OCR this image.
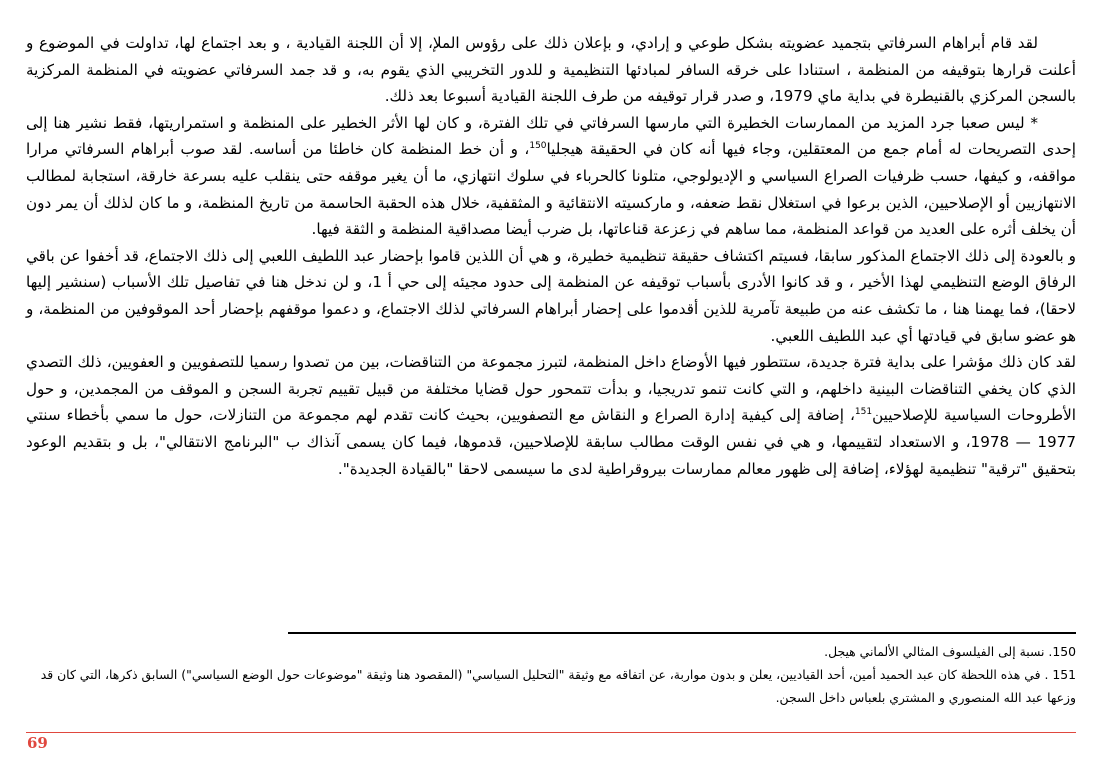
لقد قام أبراهام السرفاتي بتجميد عضويته بشكل طوعي و إرادي، و بإعلان ذلك على رؤوس الملإ، إلا أن اللجنة القيادية ، و بعد اجتماع لها، تداولت في الموضوع و أعلنت قرارها بتوقيفه من المنظمة ، استنادا على خرقه السافر لمبادئها التنظيمية و للدور التخريبي الذي يقوم به، و قد جمد السرفاتي عضويته في المنظمة المركزية بالسجن المركزي بالقنيطرة في بداية ماي 1979، و صدر قرار توقيفه من طرف اللجنة القيادية أسبوعا بعد ذلك.

* ليس صعبا جرد المزيد من الممارسات الخطيرة التي مارسها السرفاتي في تلك الفترة، و كان لها الأثر الخطير على المنظمة و استمراريتها، فقط نشير هنا إلى إحدى التصريحات له أمام جمع من المعتقلين، وجاء فيها أنه كان في الحقيقة هيجليا$^{150}$، و أن خط المنظمة كان خاطئا من أساسه. لقد صوب أبراهام السرفاتي مرارا مواقفه، و كيفها، حسب ظرفيات الصراع السياسي و الإديولوجي، متلونا كالحرباء في سلوك انتهازي، ما أن يغير موقفه حتى ينقلب عليه بسرعة خارقة، استجابة لمطالب الانتهازيين أو الإصلاحيين، الذين برعوا في استغلال نقط ضعفه، و ماركسيته الانتقائية و المثقفية، خلال هذه الحقبة الحاسمة من تاريخ المنظمة، و ما كان لذلك أن يمر دون أن يخلف أثره على العديد من قواعد المنظمة، مما ساهم في زعزعة قناعاتها، بل ضرب أيضا مصداقية المنظمة و الثقة فيها.

و بالعودة إلى ذلك الاجتماع المذكور سابقا، فسيتم اكتشاف حقيقة تنظيمية خطيرة، و هي أن اللذين قاموا بإحضار عبد اللطيف اللعبي إلى ذلك الاجتماع، قد أخفوا عن باقي الرفاق الوضع التنظيمي لهذا الأخير ، و قد كانوا الأدرى بأسباب توقيفه عن المنظمة إلى حدود مجيئه إلى حي أ 1، و لن ندخل هنا في تفاصيل تلك الأسباب (سنشير إليها لاحقا)، فما يهمنا هنا ، ما تكشف عنه من طبيعة تآمرية للذين أقدموا على إحضار أبراهام السرفاتي لذلك الاجتماع، و دعموا موقفهم بإحضار أحد الموقوفين من المنظمة، و هو عضو سابق في قيادتها أي عبد اللطيف اللعبي.

لقد كان ذلك مؤشرا على بداية فترة جديدة، ستتطور فيها الأوضاع داخل المنظمة، لتبرز مجموعة من التناقضات، بين من تصدوا رسميا للتصفويين و العفويين، ذلك التصدي الذي كان يخفي التناقضات البينية داخلهم، و التي كانت تنمو تدريجيا، و بدأت تتمحور حول قضايا مختلفة من قبيل تقييم تجربة السجن و الموقف من المجمدين، و حول الأطروحات السياسية للإصلاحيين$^{151}$، إضافة إلى كيفية إدارة الصراع و النقاش مع التصفويين، بحيث كانت تقدم لهم مجموعة من التنازلات، حول ما سمي بأخطاء سنتي 1977 — 1978، و الاستعداد لتقييمها، و هي في نفس الوقت مطالب سابقة للإصلاحيين، قدموها، فيما كان يسمى آنذاك ب "البرنامج الانتقالي"، بل و بتقديم الوعود بتحقيق "ترقية" تنظيمية لهؤلاء، إضافة إلى ظهور معالم ممارسات بيروقراطية لدى ما سيسمى لاحقا "بالقيادة الجديدة".

150. نسبة إلى الفيلسوف المثالي الألماني هيجل.

151 . في هذه اللحظة كان عبد الحميد أمين، أحد القياديين، يعلن و بدون مواربة، عن اتفاقه مع وثيقة "التحليل السياسي" (المقصود هنا وثيقة "موضوعات حول الوضع السياسي") السابق ذكرها، التي كان قد وزعها عبد الله المنصوري و المشتري بلعباس داخل السجن.

69
